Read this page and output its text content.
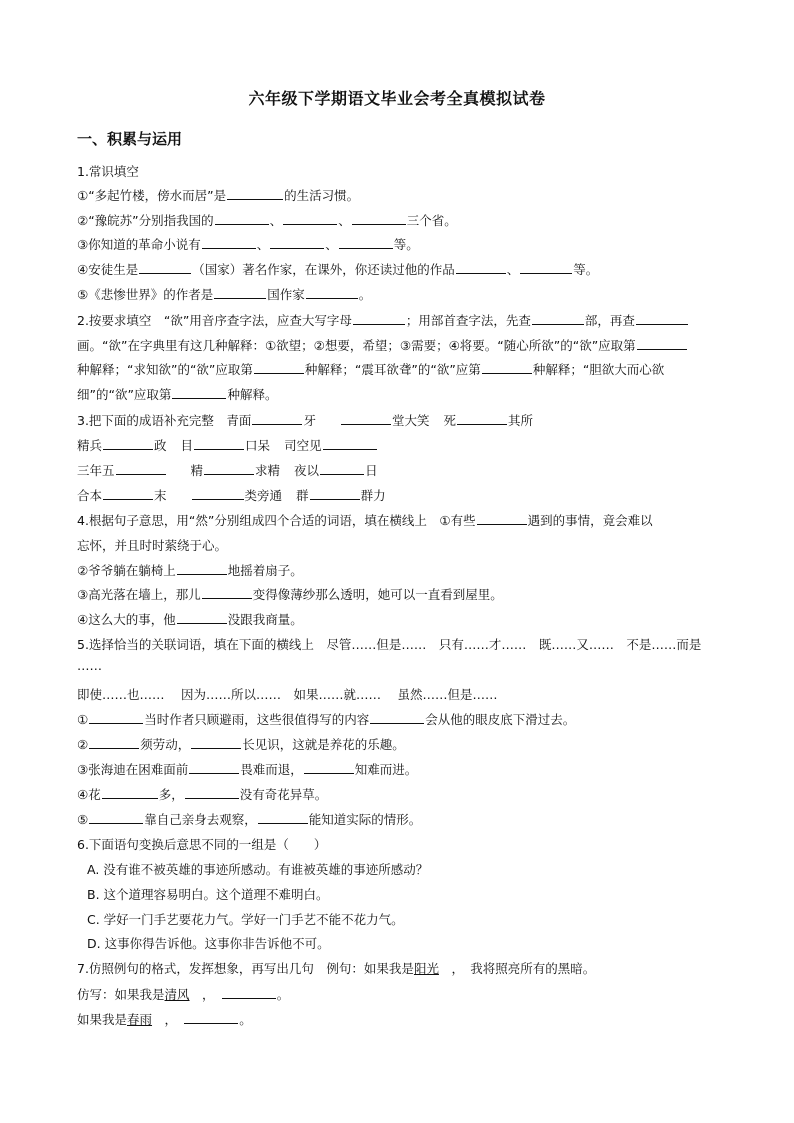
六年级下学期语文毕业会考全真模拟试卷
一、积累与运用
1.常识填空
①“多起竹楼，傍水而居”是	的生活习惯。
②“豫皖苏”分别指我国的	、	、	三个省。
③你知道的革命小说有	、	、	等。
④安徒生是	（国家）著名作家，在课外，你还读过他的作品	、	等。
⑤《悲惨世界》的作者是	国作家	。
2.按要求填空　“欲”用音序查字法，应查大写字母	；用部首查字法，先查	部，再查
画。“欲”在字典里有这几种解释：①欲望；②想要，希望；③需要；④将要。“随心所欲”的“欲”应取第
种解释；“求知欲”的“欲”应取第	种解释；“震耳欲聋”的“欲”应第	种解释；“胆欲大而心欲
细”的“欲”应取第	种解释。
3.把下面的成语补充完整　青面	牙	堂大笑 死	其所
精兵	政 目	口呆 司空见
三年五	精	求精 夜以	日
合本	末	类旁通 群	群力
4.根据句子意思，用“然”分别组成四个合适的词语，填在横线上　①有些	遇到的事情，竟会难以
忘怀，并且时时萦绕于心。
②爷爷躺在躺椅上	地摇着扇子。
③高光落在墙上，那儿	变得像薄纱那么透明，她可以一直看到屋里。
④这么大的事，他	没跟我商量。
5.选择恰当的关联词语，填在下面的横线上　尽管……但是……　只有……才……　既……又……　不是……而是
……
即使……也……　 因为……所以……　如果……就……　 虽然……但是……
①	当时作者只顾避雨，这些很值得写的内容	会从他的眼皮底下滑过去。
②	须劳动，	长见识，这就是养花的乐趣。
③张海迪在困难面前	畏难而退，	知难而进。
④花	多，	没有奇花异草。
⑤	靠自己亲身去观察，	能知道实际的情形。
6.下面语句变换后意思不同的一组是（　　）
A. 没有谁不被英雄的事迹所感动。有谁被英雄的事迹所感动？
B. 这个道理容易明白。这个道理不难明白。
C. 学好一门手艺要花力气。学好一门手艺不能不花力气。
D. 这事你得告诉他。这事你非告诉他不可。
7.仿照例句的格式，发挥想象，再写出几句　例句：如果我是阳光　，　我将照亮所有的黑暗。
仿写：如果我是清风　，　	。
如果我是春雨　，　	。
